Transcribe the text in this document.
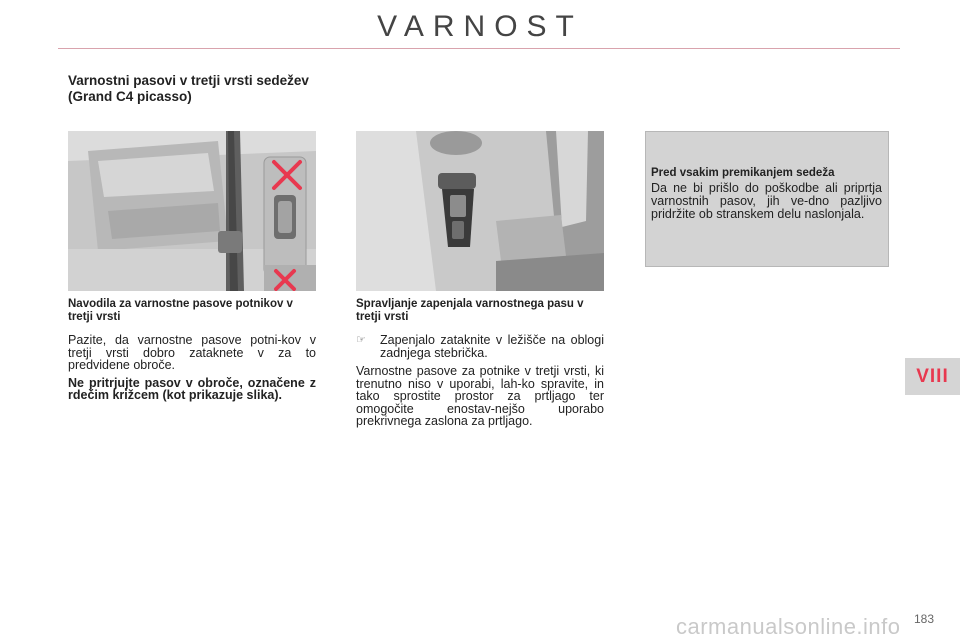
VARNOST
Varnostni pasovi v tretji vrsti sedežev (Grand C4 picasso)
Pred vsakim premikanjem sedeža
Da ne bi prišlo do poškodbe ali priprtja varnostnih pasov, jih ve-dno pazljivo pridržite ob stranskem delu naslonjala.
Navodila za varnostne pasove potnikov v tretji vrsti

Pazite, da varnostne pasove potni-kov v tretji vrsti dobro zataknete v za to predvidene obroče.

Ne pritrjujte pasov v obroče, označene z rdečim križcem (kot prikazuje slika).

Spravljanje zapenjala varnostnega pasu v tretji vrsti
☞	Zapenjalo zataknite v ležišče na oblogi zadnjega stebrička.

Varnostne pasove za potnike v tretji vrsti, ki trenutno niso v uporabi, lah-ko spravite, in tako sprostite prostor za prtljago ter omogočite enostav-nejšo uporabo prekrivnega zaslona za prtljago.

VIII
carmanualsonline.info 183
